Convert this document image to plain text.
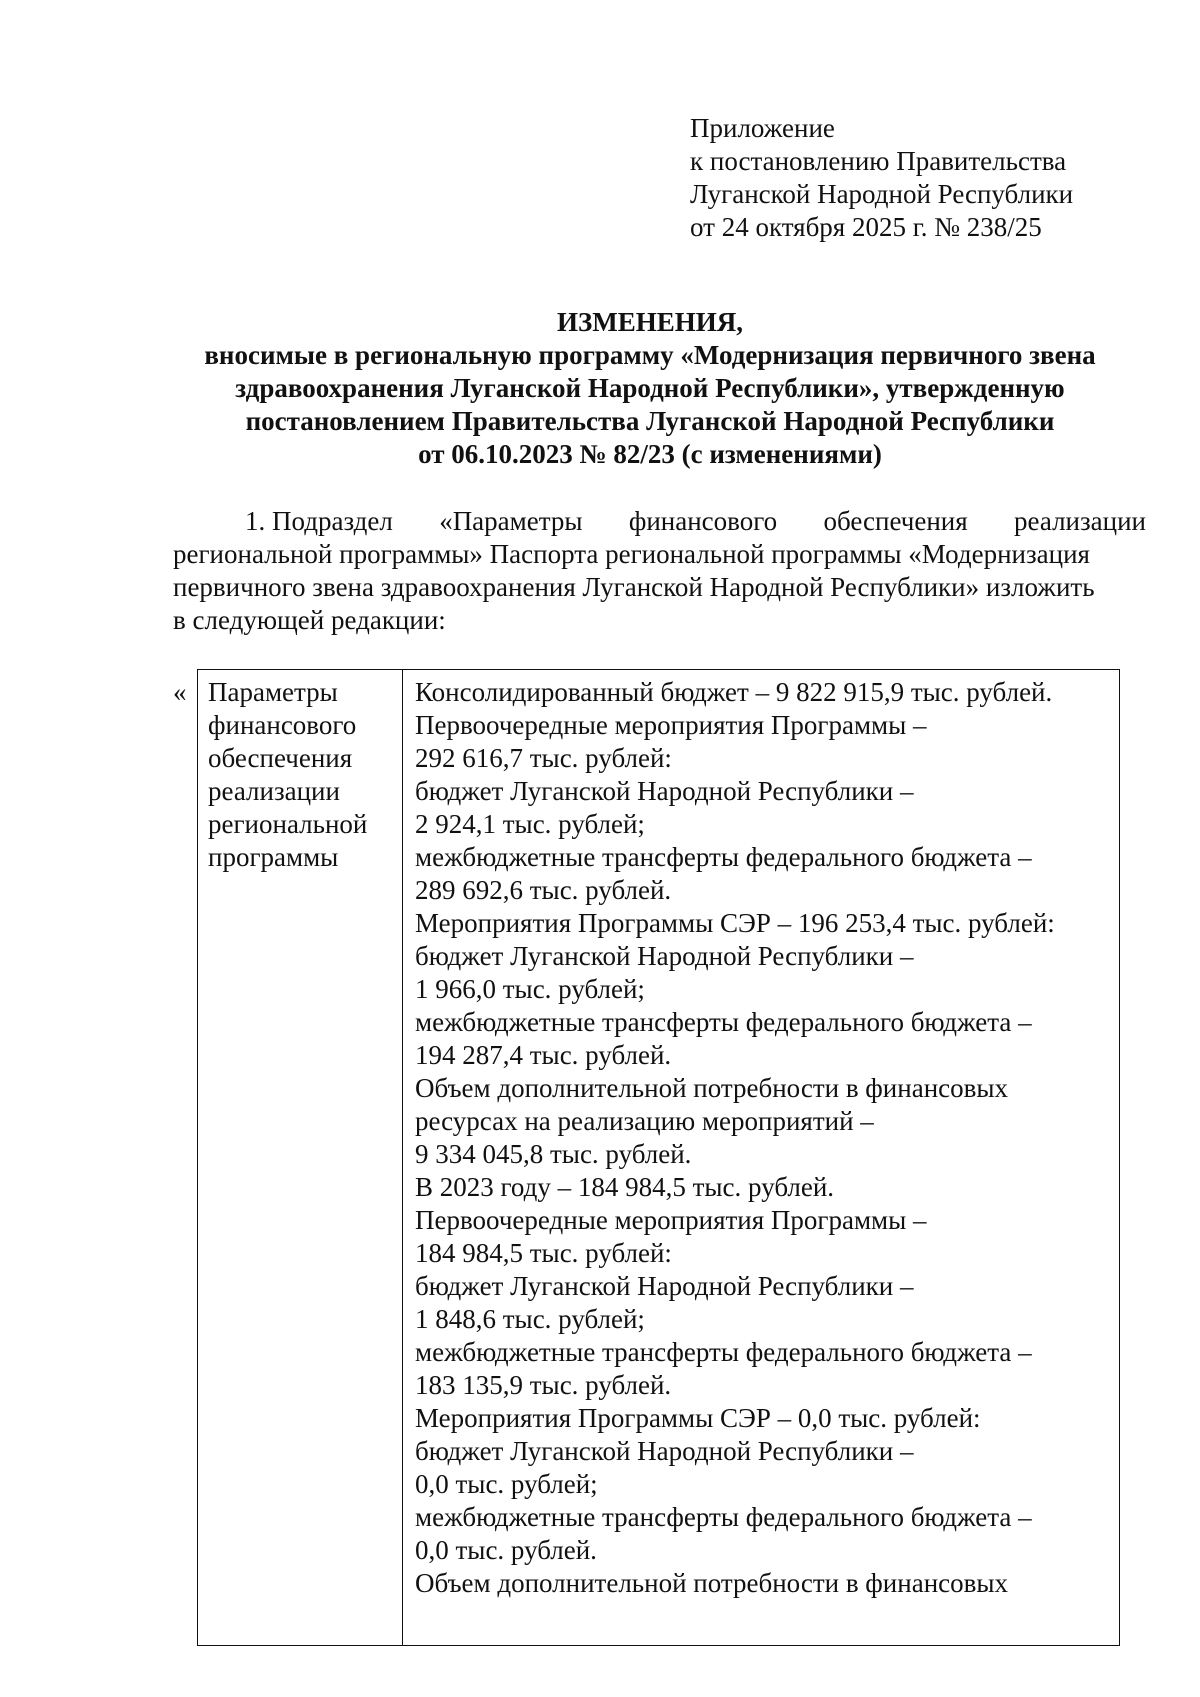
Приложение
к постановлению Правительства
Луганской Народной Республики
от 24 октября 2025 г. № 238/25
ИЗМЕНЕНИЯ,
вносимые в региональную программу «Модернизация первичного звена
здравоохранения Луганской Народной Республики», утвержденную
постановлением Правительства Луганской Народной Республики
от 06.10.2023 № 82/23 (с изменениями)
1. Подраздел «Параметры финансового обеспечения реализации
региональной программы» Паспорта региональной программы «Модернизация
первичного звена здравоохранения Луганской Народной Республики» изложить
в следующей редакции:
« Параметры
финансового
обеспечения
реализации
региональной
программы
Консолидированный бюджет – 9 822 915,9 тыс. рублей.
Первоочередные мероприятия Программы –
292 616,7 тыс. рублей:
бюджет Луганской Народной Республики –
2 924,1 тыс. рублей;
межбюджетные трансферты федерального бюджета –
289 692,6 тыс. рублей.
Мероприятия Программы СЭР – 196 253,4 тыс. рублей:
бюджет Луганской Народной Республики –
1 966,0 тыс. рублей;
межбюджетные трансферты федерального бюджета –
194 287,4 тыс. рублей.
Объем дополнительной потребности в финансовых
ресурсах на реализацию мероприятий –
9 334 045,8 тыс. рублей.
В 2023 году – 184 984,5 тыс. рублей.
Первоочередные мероприятия Программы –
184 984,5 тыс. рублей:
бюджет Луганской Народной Республики –
1 848,6 тыс. рублей;
межбюджетные трансферты федерального бюджета –
183 135,9 тыс. рублей.
Мероприятия Программы СЭР – 0,0 тыс. рублей:
бюджет Луганской Народной Республики –
0,0 тыс. рублей;
межбюджетные трансферты федерального бюджета –
0,0 тыс. рублей.
Объем дополнительной потребности в финансовых
